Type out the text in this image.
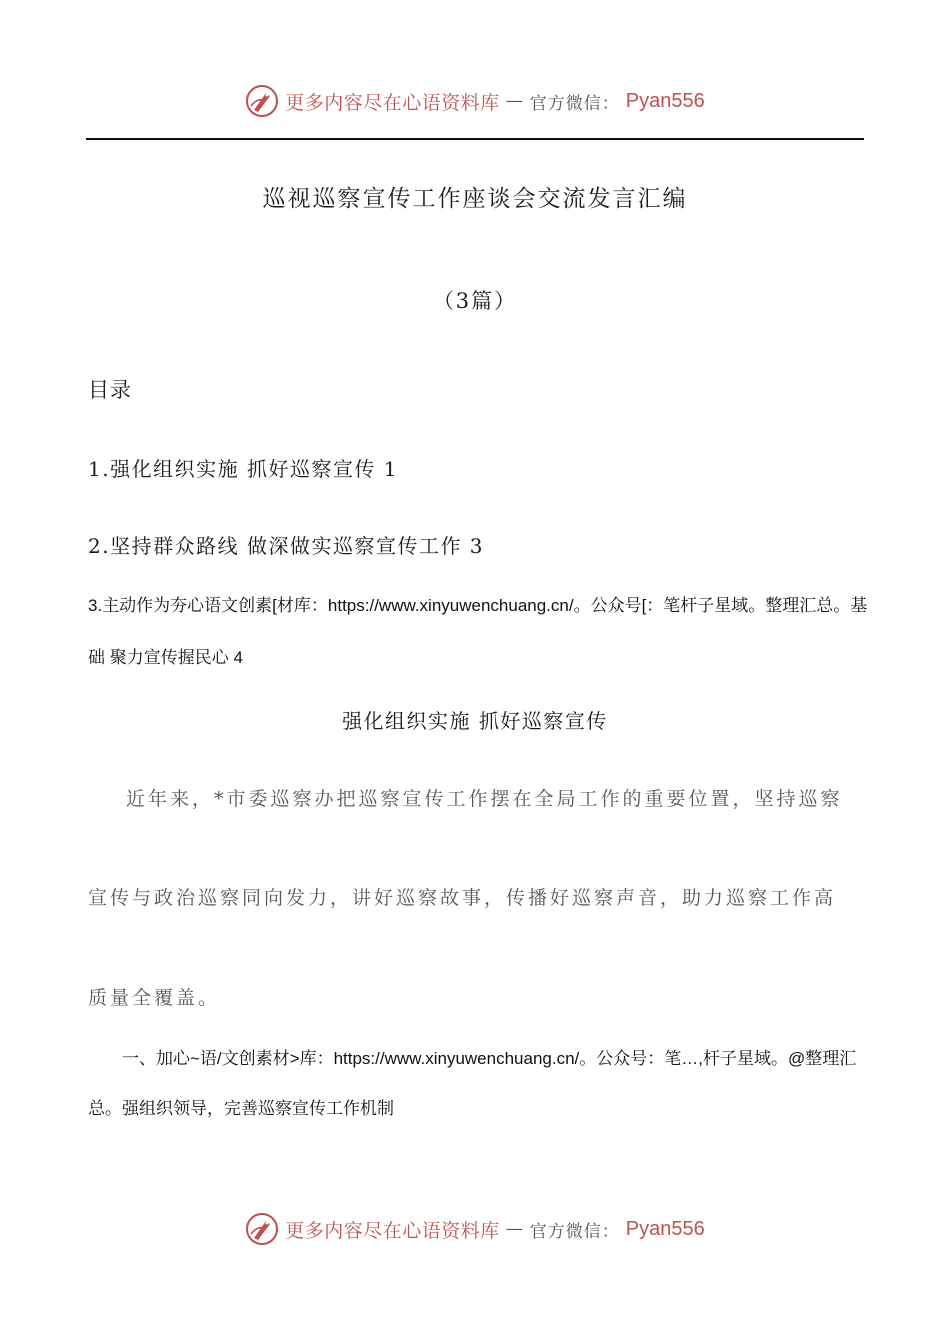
更多内容尽在心语资料库 — 官方微信： Pyan556
巡视巡察宣传工作座谈会交流发言汇编
（3篇）
目录
1.强化组织实施 抓好巡察宣传 1
2.坚持群众路线 做深做实巡察宣传工作 3
3.主动作为夯心语文创素[材库：https://www.xinyuwenchuang.cn/。公众号[：笔杆子星域。整理汇总。基础 聚力宣传握民心 4
强化组织实施 抓好巡察宣传
近年来，*市委巡察办把巡察宣传工作摆在全局工作的重要位置，坚持巡察
宣传与政治巡察同向发力，讲好巡察故事，传播好巡察声音，助力巡察工作高
质量全覆盖。
一、加心~语/文创素材>库：https://www.xinyuwenchuang.cn/。公众号：笔…,杆子星域。@整理汇总。强组织领导，完善巡察宣传工作机制
更多内容尽在心语资料库 — 官方微信： Pyan556
